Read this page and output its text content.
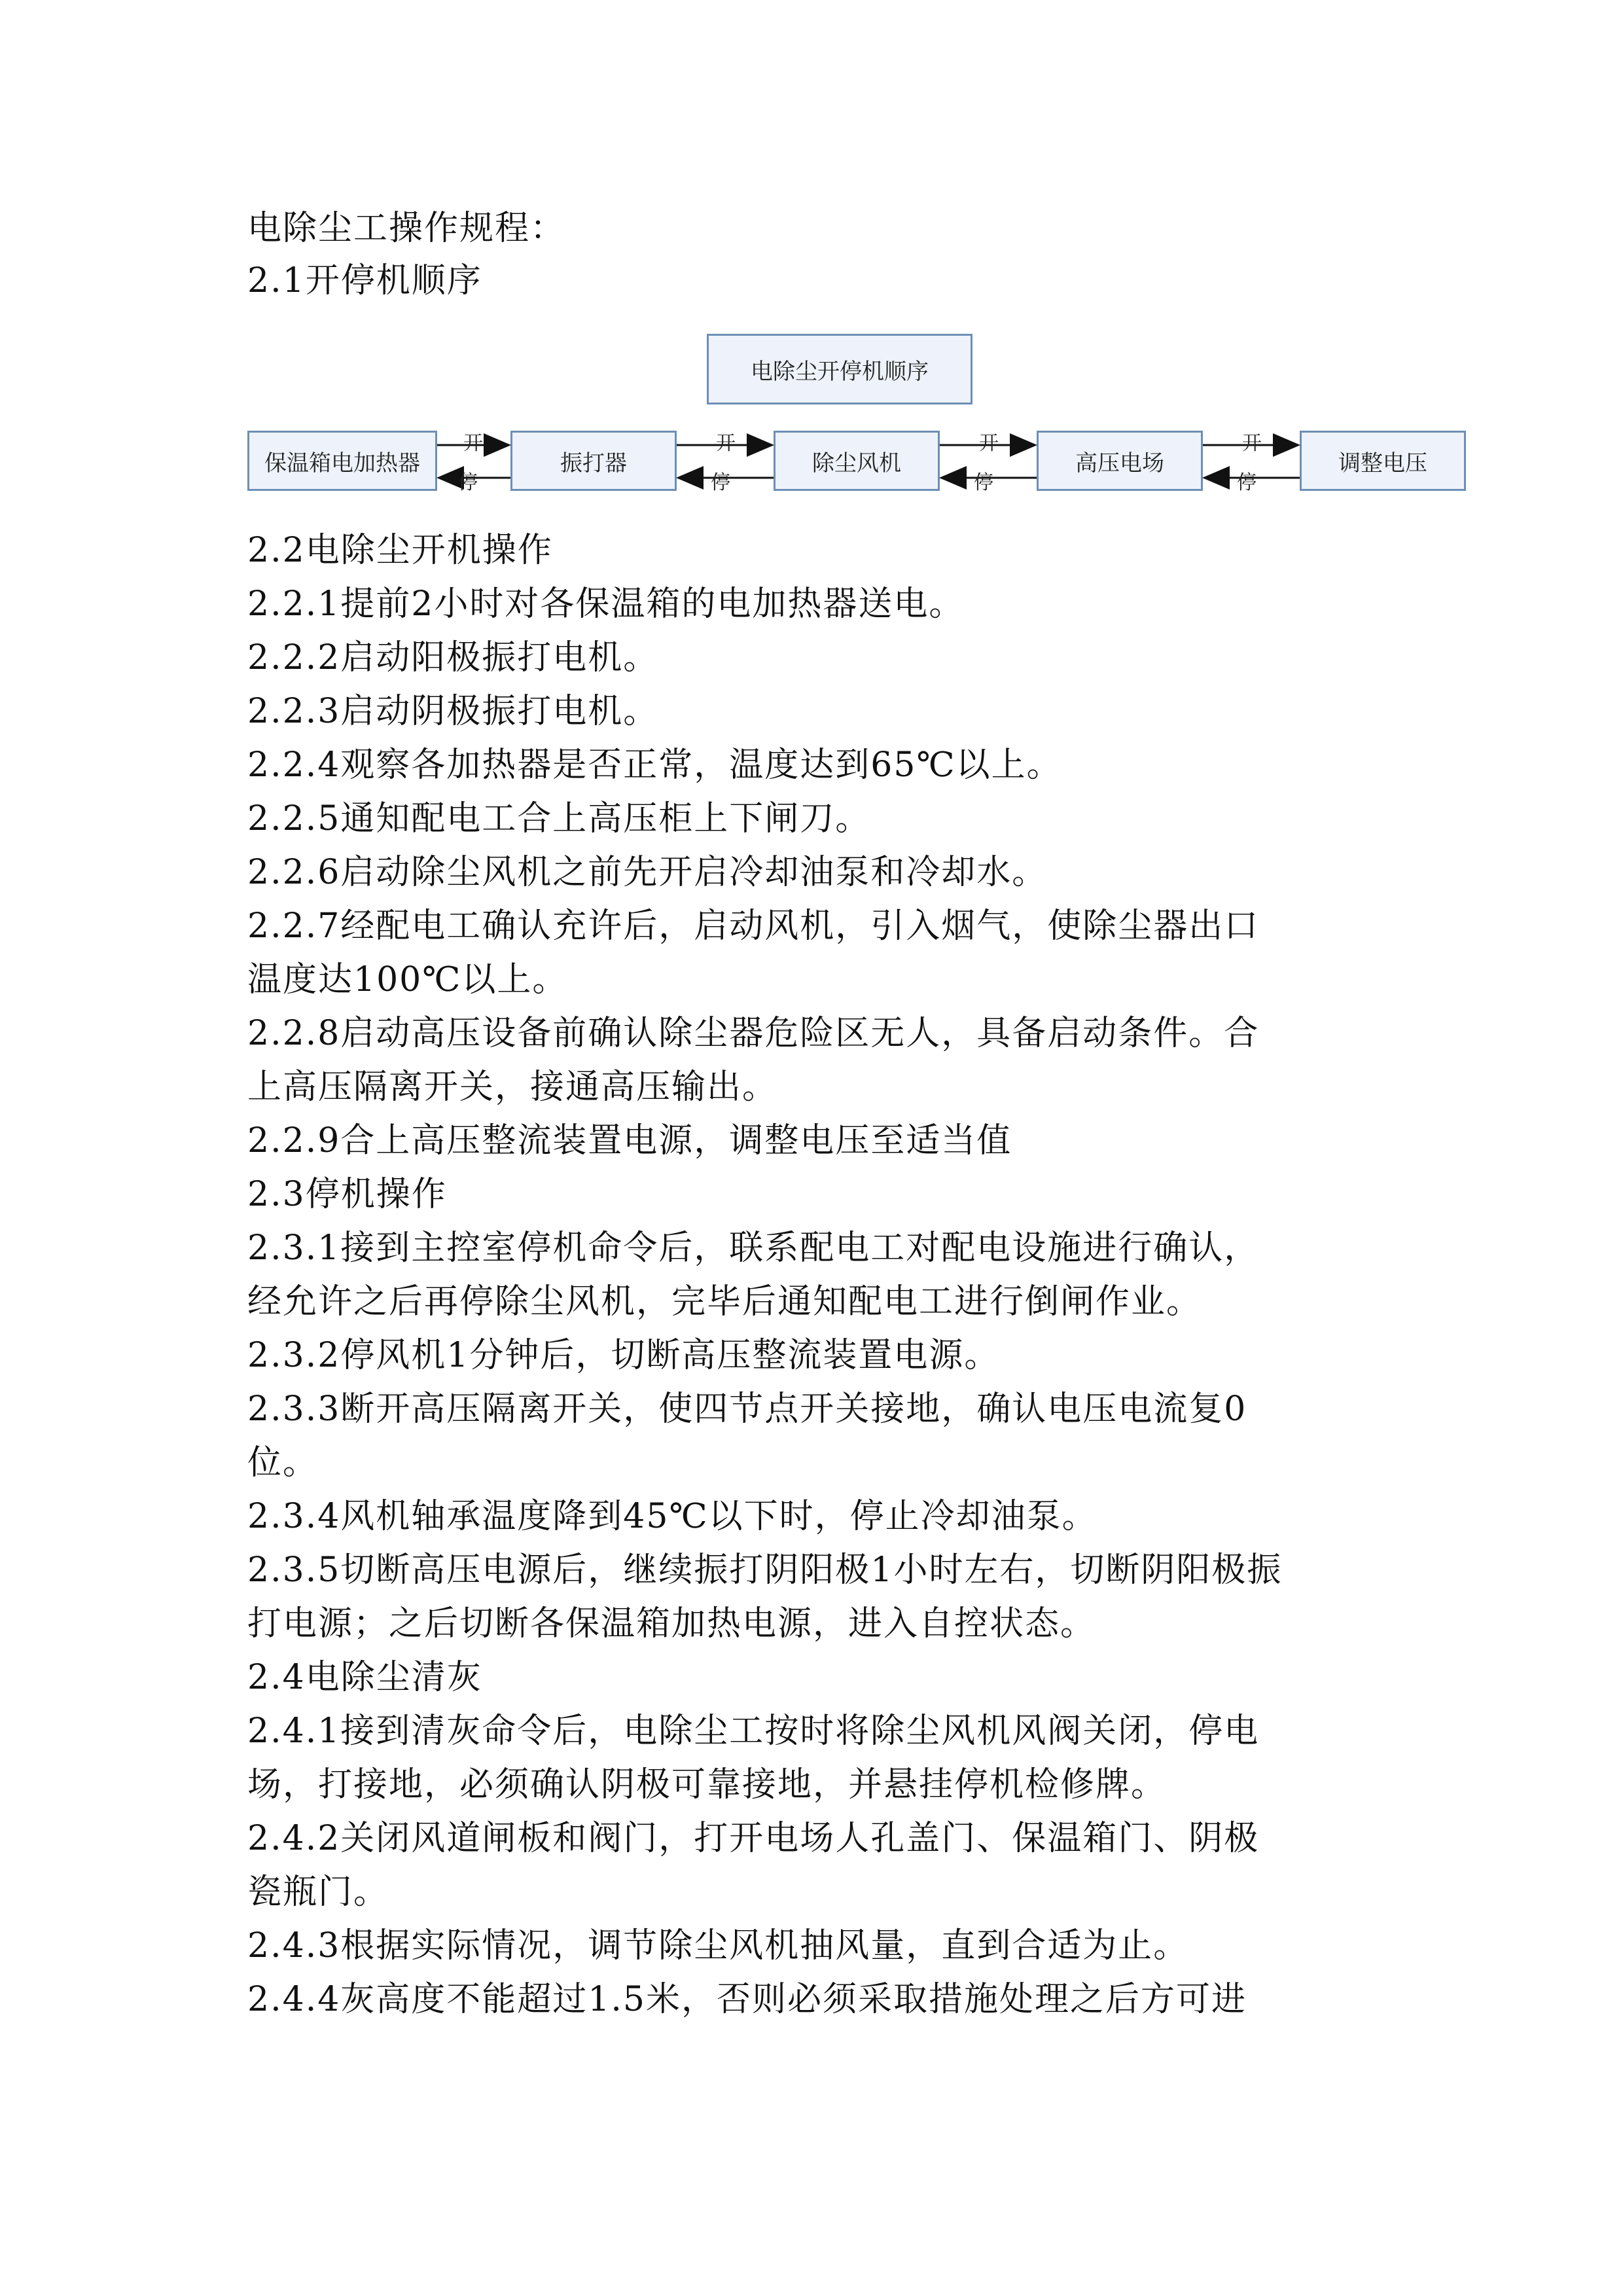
电除尘工操作规程：
2.1开停机顺序
电除尘开停机顺序
保温箱电加热器	振打器	除尘风机	高压电场	调整电压
开
停
开
停
开
停
开
停
2.2电除尘开机操作
2.2.1提前2小时对各保温箱的电加热器送电。
2.2.2启动阳极振打电机。
2.2.3启动阴极振打电机。
2.2.4观察各加热器是否正常，温度达到65℃以上。
2.2.5通知配电工合上高压柜上下闸刀。
2.2.6启动除尘风机之前先开启冷却油泵和冷却水。
2.2.7经配电工确认充许后，启动风机，引入烟气，使除尘器出口
温度达100℃以上。
2.2.8启动高压设备前确认除尘器危险区无人，具备启动条件。合
上高压隔离开关，接通高压输出。
2.2.9合上高压整流装置电源，调整电压至适当值
2.3停机操作
2.3.1接到主控室停机命令后，联系配电工对配电设施进行确认，
经允许之后再停除尘风机，完毕后通知配电工进行倒闸作业。
2.3.2停风机1分钟后，切断高压整流装置电源。
2.3.3断开高压隔离开关，使四节点开关接地，确认电压电流复0
位。
2.3.4风机轴承温度降到45℃以下时，停止冷却油泵。
2.3.5切断高压电源后，继续振打阴阳极1小时左右，切断阴阳极振
打电源；之后切断各保温箱加热电源，进入自控状态。
2.4电除尘清灰
2.4.1接到清灰命令后，电除尘工按时将除尘风机风阀关闭，停电
场，打接地，必须确认阴极可靠接地，并悬挂停机检修牌。
2.4.2关闭风道闸板和阀门，打开电场人孔盖门、保温箱门、阴极
瓷瓶门。
2.4.3根据实际情况，调节除尘风机抽风量，直到合适为止。
2.4.4灰高度不能超过1.5米，否则必须采取措施处理之后方可进
